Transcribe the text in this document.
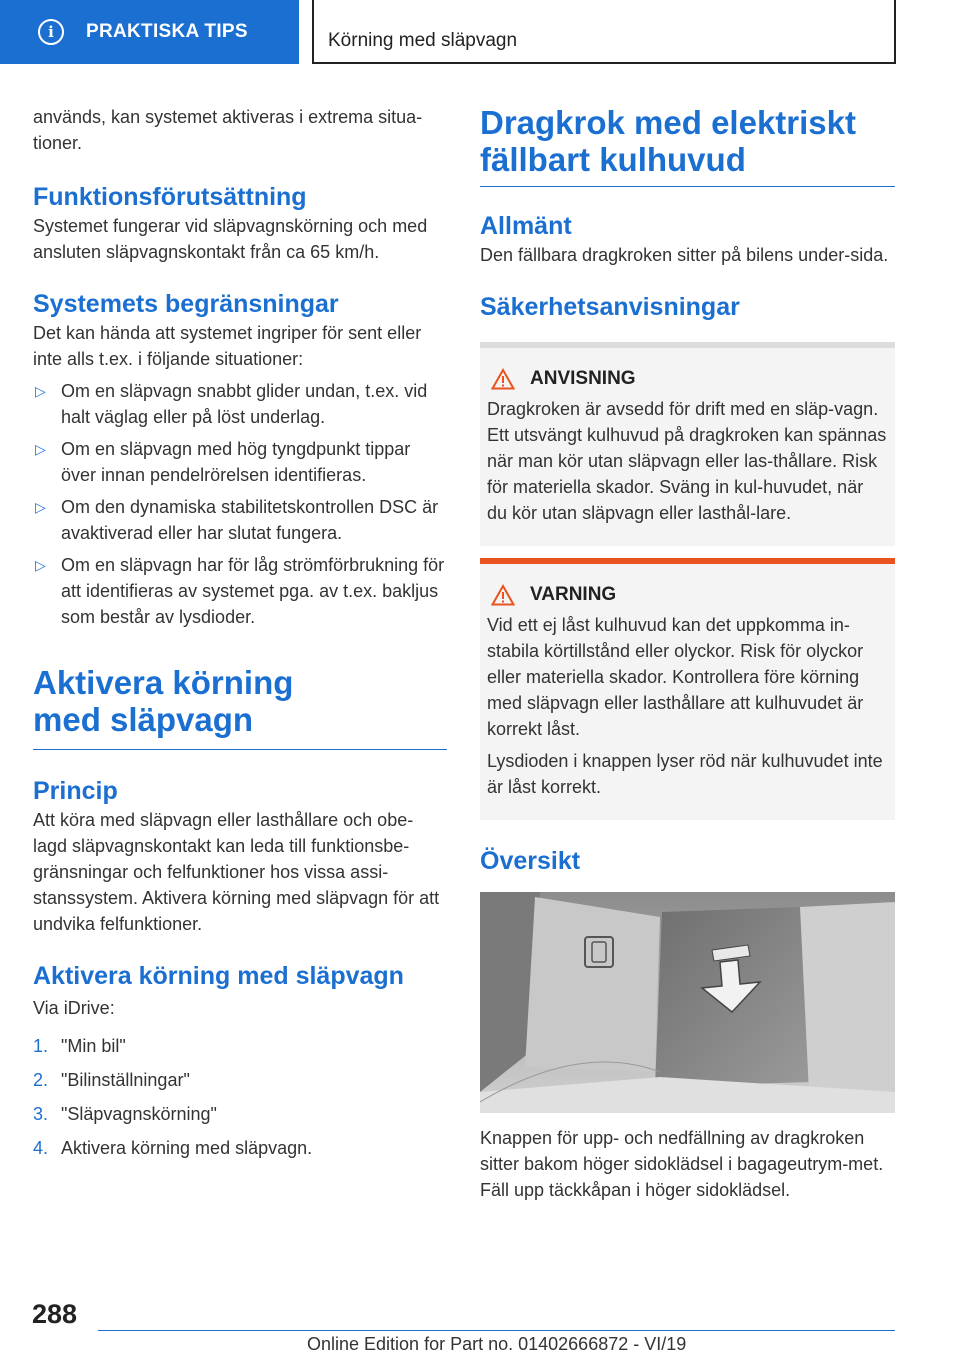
i	PRAKTISKA TIPS	Körning med släpvagn

används, kan systemet aktiveras i extrema situa-tioner.

Funktionsförutsättning

Systemet fungerar vid släpvagnskörning och med ansluten släpvagnskontakt från ca 65 km/h.

Systemets begränsningar

Det kan hända att systemet ingriper för sent eller inte alls t.ex. i följande situationer:

▷ Om en släpvagn snabbt glider undan, t.ex. vid halt väglag eller på löst underlag.
▷ Om en släpvagn med hög tyngdpunkt tippar över innan pendelrörelsen identifieras.
▷ Om den dynamiska stabilitetskontrollen DSC är avaktiverad eller har slutat fungera.
▷ Om en släpvagn har för låg strömförbrukning för att identifieras av systemet pga. av t.ex. bakljus som består av lysdioder.
Aktivera körning med släpvagn
Princip

Att köra med släpvagn eller lasthållare och obe-lagd släpvagnskontakt kan leda till funktionsbe-gränsningar och felfunktioner hos vissa assi-stanssystem. Aktivera körning med släpvagn för att undvika felfunktioner.

Aktivera körning med släpvagn

Via iDrive:

1. "Min bil"
2. "Bilinställningar"
3. "Släpvagnskörning"
4. Aktivera körning med släpvagn.
Dragkrok med elektriskt fällbart kulhuvud
Allmänt

Den fällbara dragkroken sitter på bilens under-sida.

Säkerhetsanvisningar
ANVISNING

Dragkroken är avsedd för drift med en släp-vagn. Ett utsvängt kulhuvud på dragkroken kan spännas när man kör utan släpvagn eller las-thållare. Risk för materiella skador. Sväng in kul-huvudet, när du kör utan släpvagn eller lasthål-lare.

VARNING

Vid ett ej låst kulhuvud kan det uppkomma in-stabila körtillstånd eller olyckor. Risk för olyckor eller materiella skador. Kontrollera före körning med släpvagn eller lasthållare att kulhuvudet är korrekt låst.

Lysdioden i knappen lyser röd när kulhuvudet inte är låst korrekt.

Översikt

Knappen för upp- och nedfällning av dragkroken sitter bakom höger sidoklädsel i bagageutrym-met. Fäll upp täckkåpan i höger sidoklädsel.

288
Online Edition for Part no. 01402666872 - VI/19
